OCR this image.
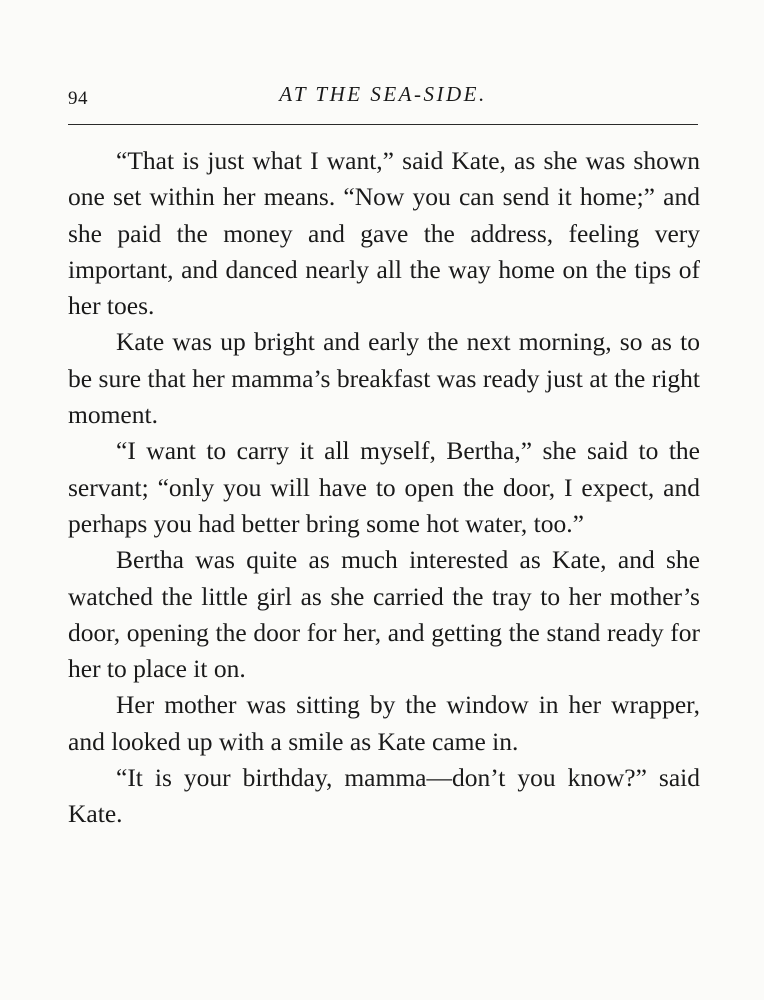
94	AT THE SEA-SIDE.

“That is just what I want,” said Kate, as she was shown one set within her means. “Now you can send it home;” and she paid the money and gave the address, feeling very important, and danced nearly all the way home on the tips of her toes.

Kate was up bright and early the next morning, so as to be sure that her mamma’s breakfast was ready just at the right moment.

“I want to carry it all myself, Bertha,” she said to the servant; “only you will have to open the door, I expect, and perhaps you had better bring some hot water, too.”

Bertha was quite as much interested as Kate, and she watched the little girl as she carried the tray to her mother’s door, opening the door for her, and getting the stand ready for her to place it on.

Her mother was sitting by the window in her wrapper, and looked up with a smile as Kate came in.

“It is your birthday, mamma—don’t you know?” said Kate.
